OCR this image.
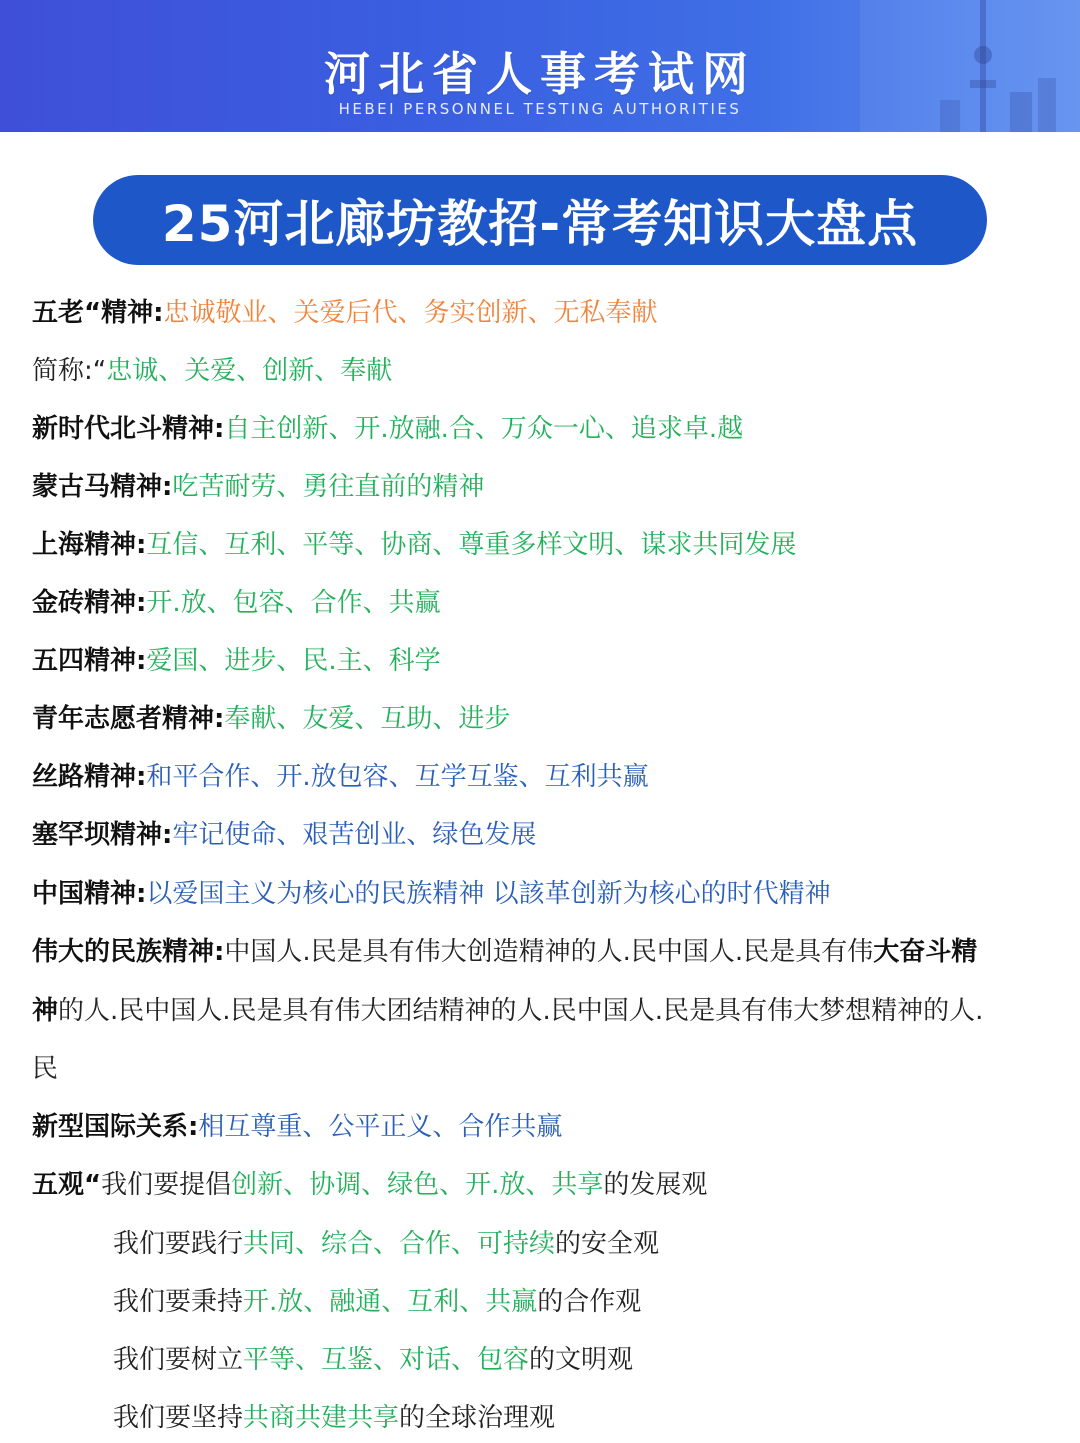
河北省人事考试网
HEBEI PERSONNEL TESTING AUTHORITIES
25河北廊坊教招-常考知识大盘点
五老“精神:忠诚敬业、关爱后代、务实创新、无私奉献
简称:“忠诚、关爱、创新、奉献
新时代北斗精神:自主创新、开.放融.合、万众一心、追求卓.越
蒙古马精神:吃苦耐劳、勇往直前的精神
上海精神:互信、互利、平等、协商、尊重多样文明、谋求共同发展
金砖精神:开.放、包容、合作、共赢
五四精神:爱国、进步、民.主、科学
青年志愿者精神:奉献、友爱、互助、进步
丝路精神:和平合作、开.放包容、互学互鉴、互利共赢
塞罕坝精神:牢记使命、艰苦创业、绿色发展
中国精神:以爱国主义为核心的民族精神 以該革创新为核心的时代精神
伟大的民族精神:中国人.民是具有伟大创造精神的人.民中国人.民是具有伟大奋斗精
神的人.民中国人.民是具有伟大团结精神的人.民中国人.民是具有伟大梦想精神的人.
民
新型国际关系:相互尊重、公平正义、合作共赢
五观“我们要提倡创新、协调、绿色、开.放、共享的发展观
我们要践行共同、综合、合作、可持续的安全观
我们要秉持开.放、融通、互利、共赢的合作观
我们要树立平等、互鉴、对话、包容的文明观
我们要坚持共商共建共享的全球治理观
